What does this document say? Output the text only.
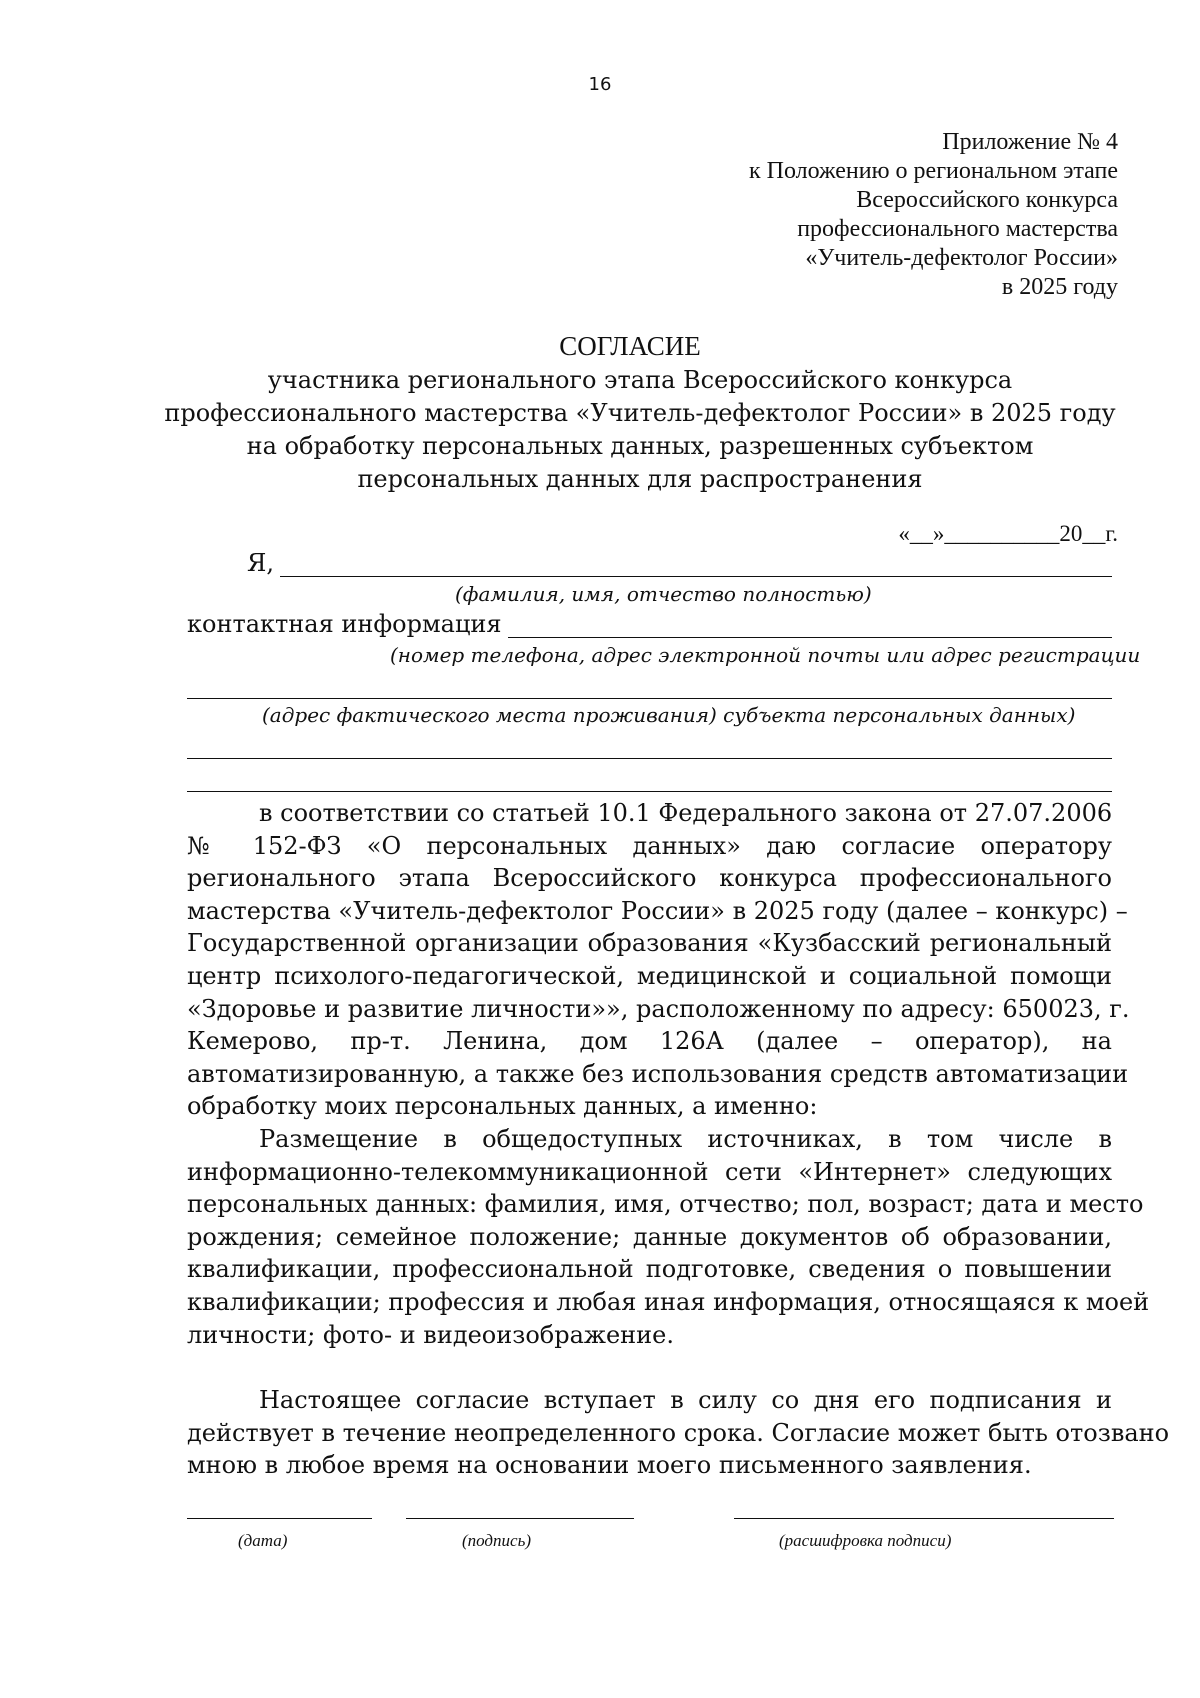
16
Приложение № 4
к Положению о региональном этапе
Всероссийского конкурса
профессионального мастерства
«Учитель-дефектолог России»
в 2025 году
СОГЛАСИЕ
участника регионального этапа Всероссийского конкурса
профессионального мастерства «Учитель-дефектолог России» в 2025 году
на обработку персональных данных, разрешенных субъектом
персональных данных для распространения
«__»__________20__г.
Я,
(фамилия, имя, отчество полностью)
контактная информация
(номер телефона, адрес электронной почты или адрес регистрации
(адрес фактического места проживания) субъекта персональных данных)
в соответствии со статьей 10.1 Федерального закона от 27.07.2006
№ 152-ФЗ «О персональных данных» даю согласие оператору
регионального этапа Всероссийского конкурса профессионального
мастерства «Учитель-дефектолог России» в 2025 году (далее – конкурс) –
Государственной организации образования «Кузбасский региональный
центр психолого-педагогической, медицинской и социальной помощи
«Здоровье и развитие личности»», расположенному по адресу: 650023, г.
Кемерово, пр-т. Ленина, дом 126А (далее – оператор), на
автоматизированную, а также без использования средств автоматизации
обработку моих персональных данных, а именно:
Размещение в общедоступных источниках, в том числе в
информационно-телекоммуникационной сети «Интернет» следующих
персональных данных: фамилия, имя, отчество; пол, возраст; дата и место
рождения; семейное положение; данные документов об образовании,
квалификации, профессиональной подготовке, сведения о повышении
квалификации; профессия и любая иная информация, относящаяся к моей
личности; фото- и видеоизображение.
Настоящее согласие вступает в силу со дня его подписания и
действует в течение неопределенного срока. Согласие может быть отозвано
мною в любое время на основании моего письменного заявления.
(дата)	(подпись)	(расшифровка подписи)
